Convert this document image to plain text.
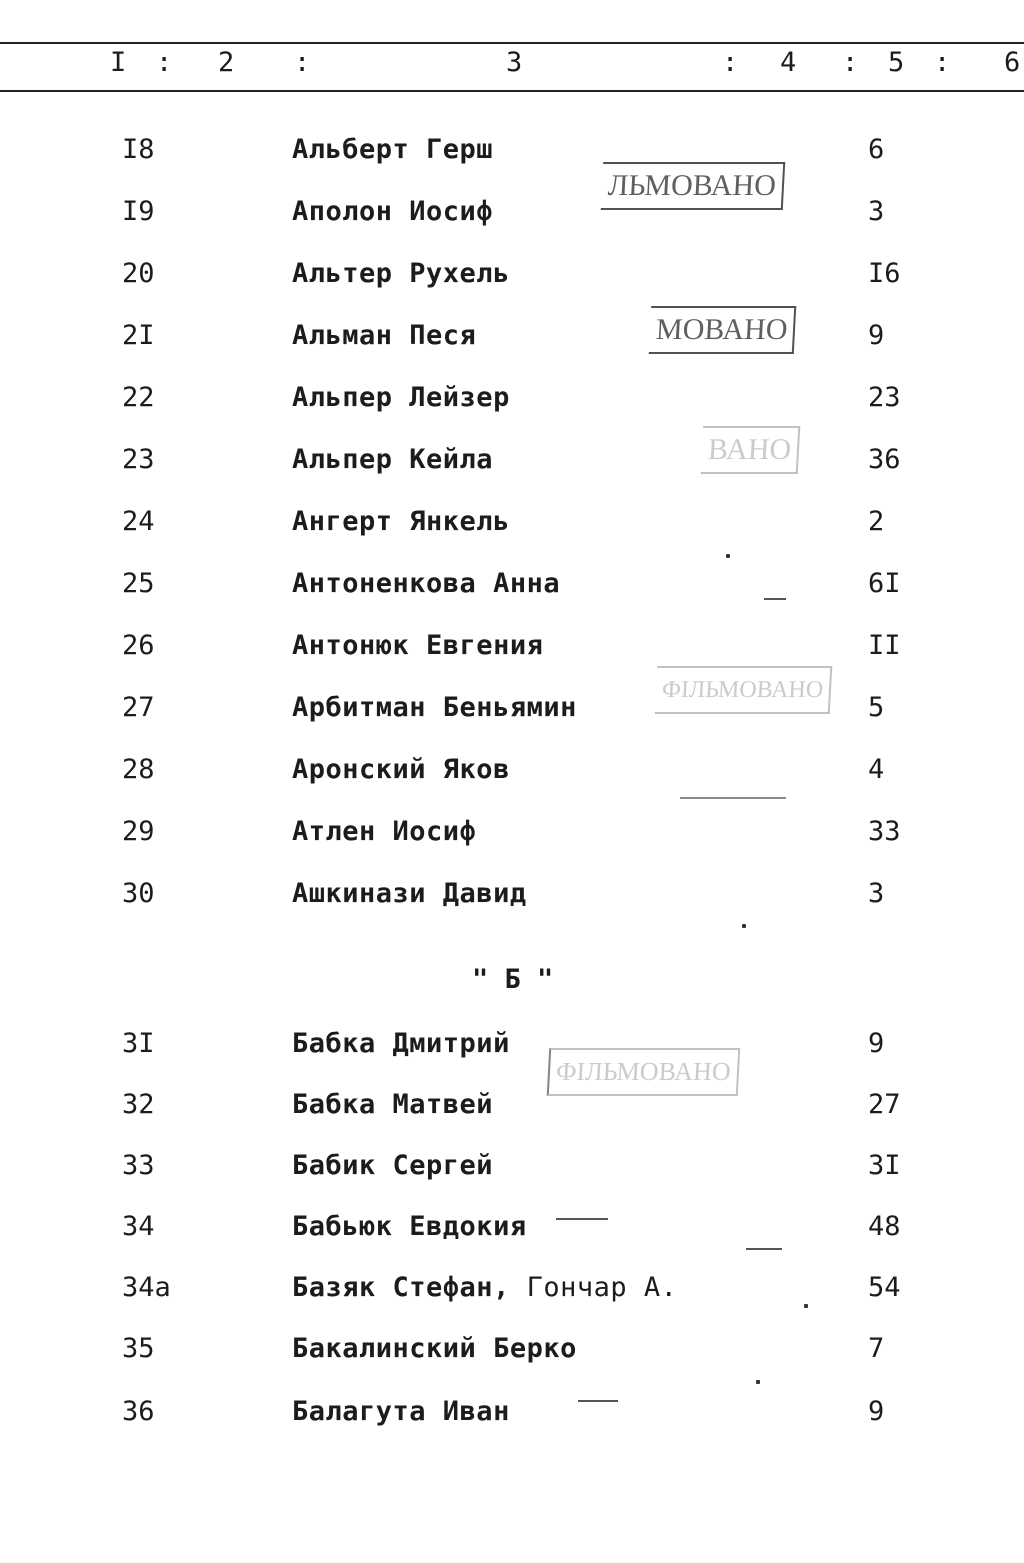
I : 2 :	3	: 4 : 5 : 6
I8	Альберт Герш	6
I9	Аполон Иосиф	3
20	Альтер Рухель	I6
2I	Альман Песя	9
22	Альпер Лейзер	23
23	Альпер Кейла	36
24	Ангерт Янкель	2
25	Антоненкова Анна	6I
26	Антонюк Евгения	II
27	Арбитман Беньямин	5
28	Аронский Яков	4
29	Атлен Иосиф	33
30	Ашкинази Давид	3
" Б "
3I	Бабка Дмитрий	9
32	Бабка Матвей	27
33	Бабик Сергей	3I
34	Бабьюк Евдокия	48
34а	Базяк Стефан, Гончар А.	54
35	Бакалинский Берко	7
36	Балагута Иван	9
ЛЬМОВАНО
МОВАНО
ВАНО
ФІЛЬМОВАНО
ФІЛЬМОВАНО
